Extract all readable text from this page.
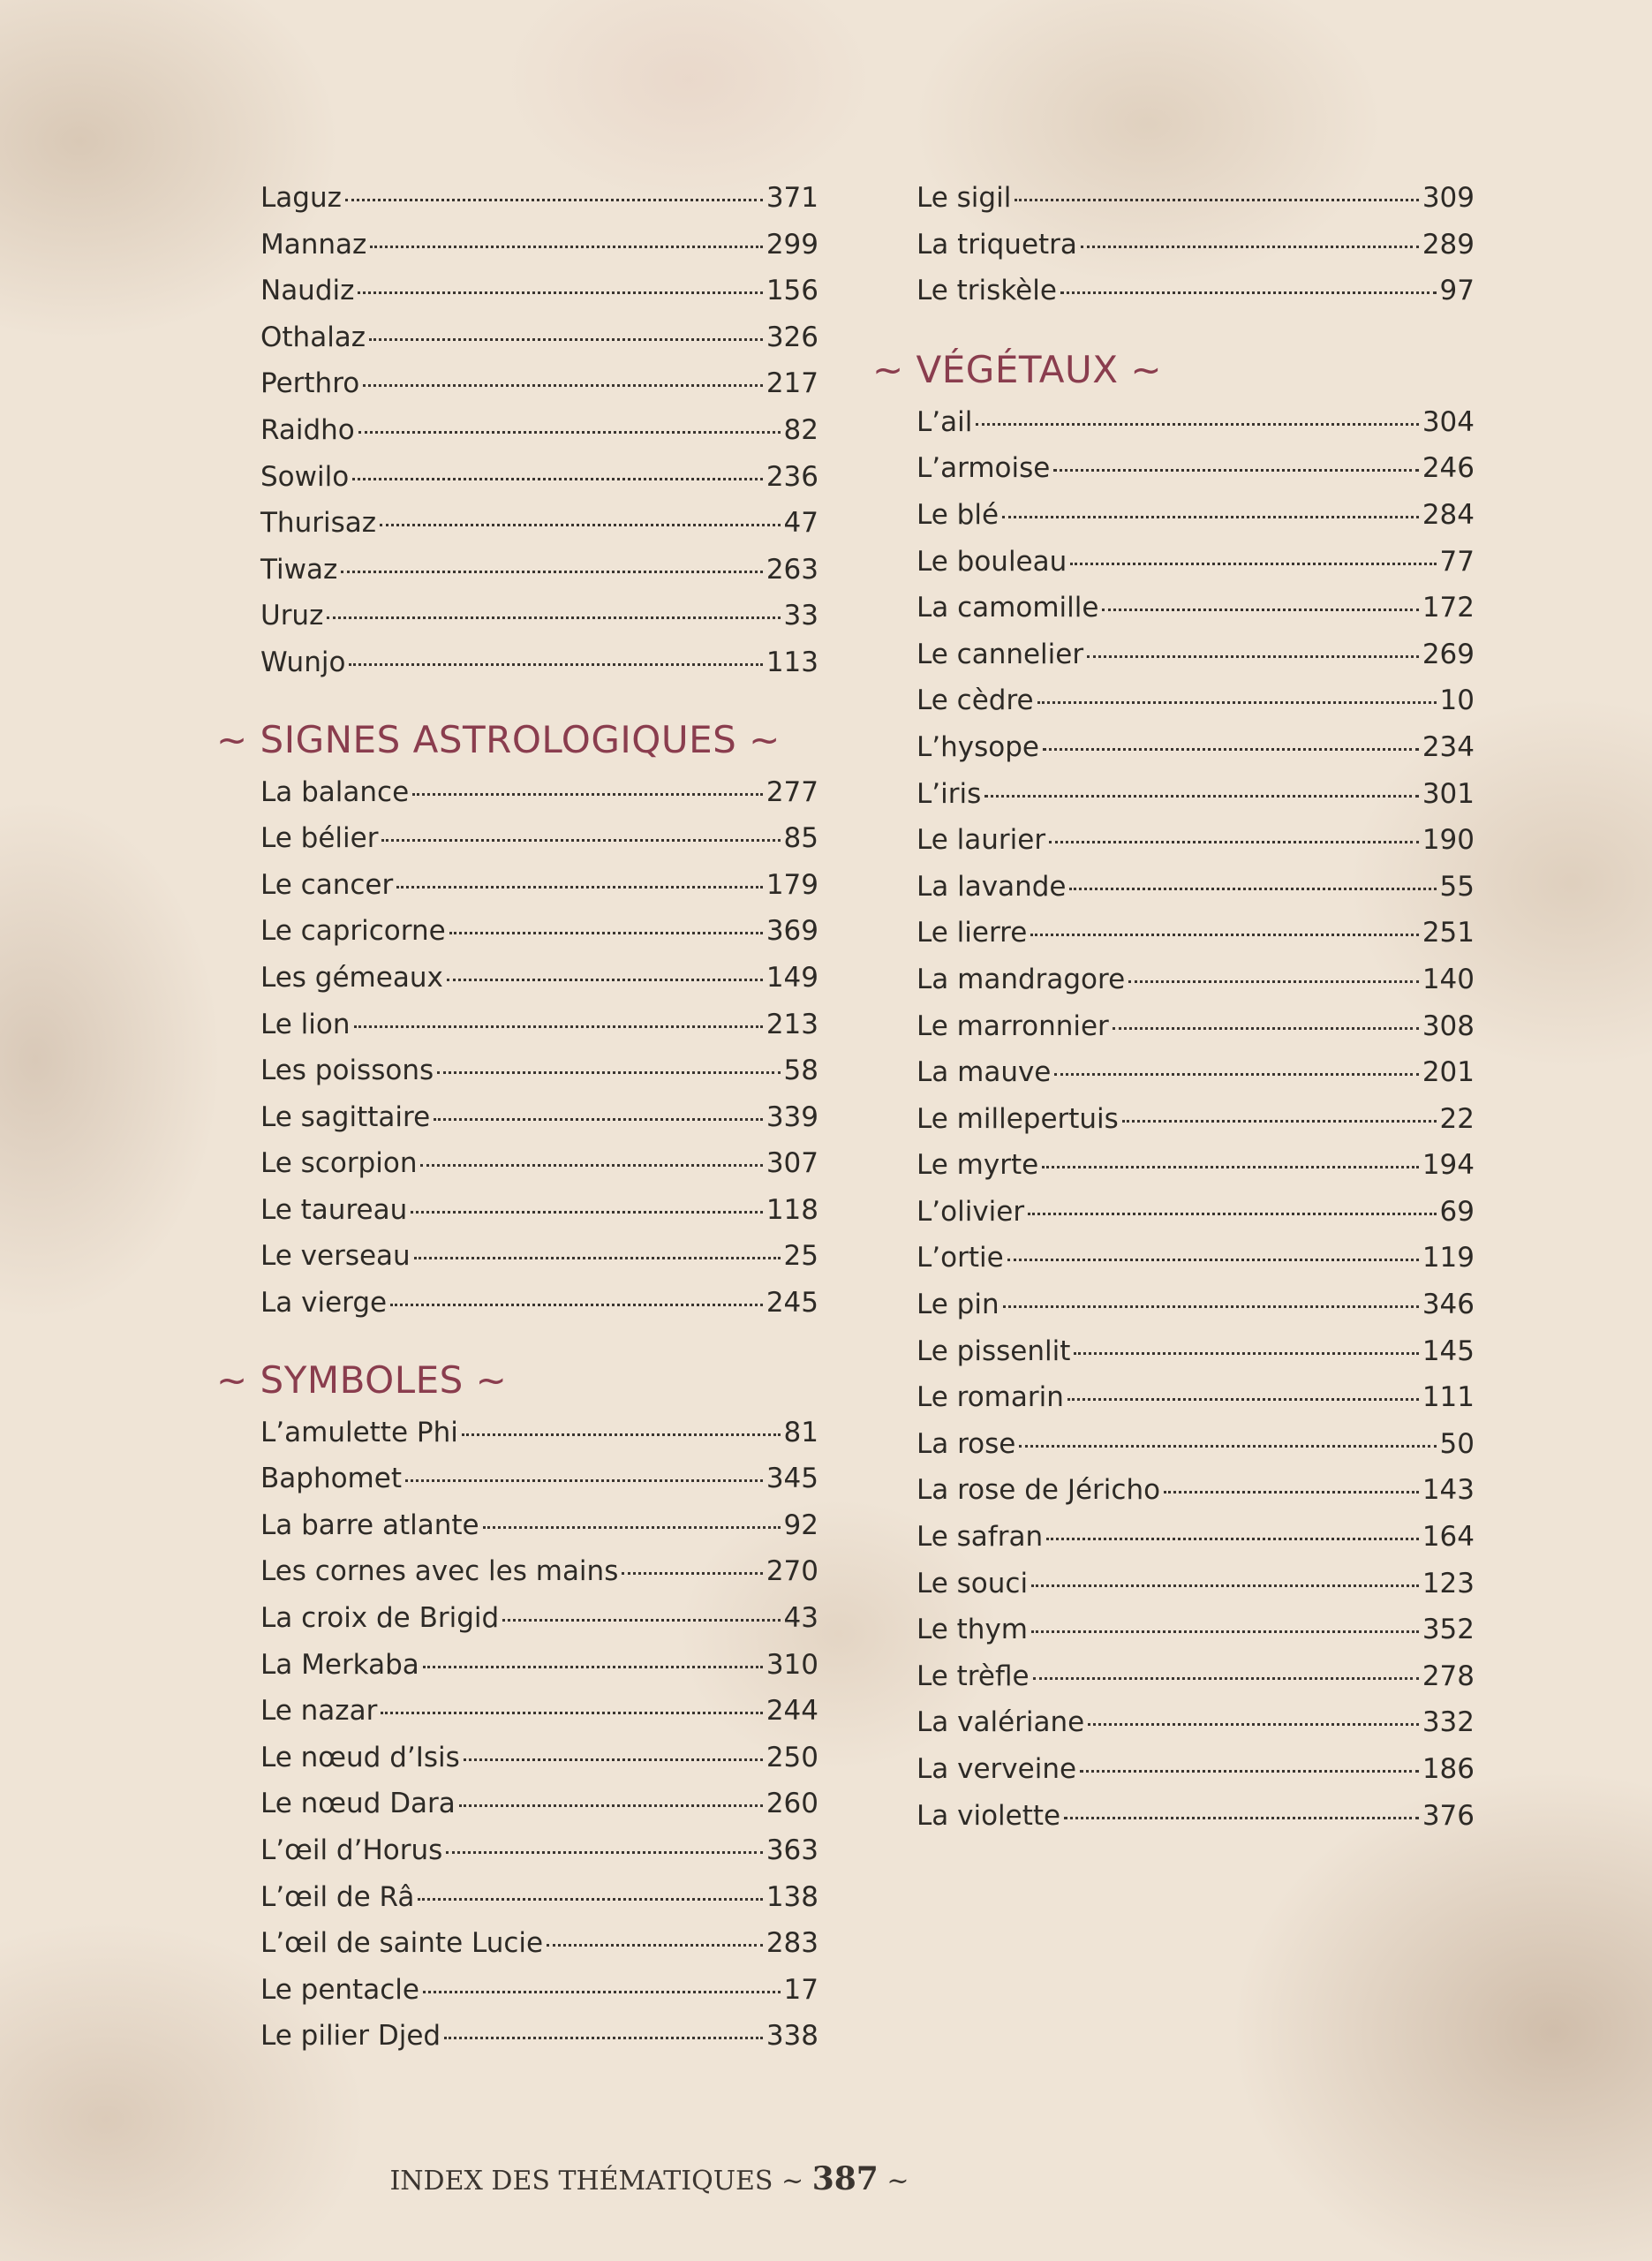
Laguz	371
Mannaz	299
Naudiz	156
Othalaz	326
Perthro	217
Raidho	82
Sowilo	236
Thurisaz	47
Tiwaz	263
Uruz	33
Wunjo	113
~ SIGNES ASTROLOGIQUES ~
La balance	277
Le bélier	85
Le cancer	179
Le capricorne	369
Les gémeaux	149
Le lion	213
Les poissons	58
Le sagittaire	339
Le scorpion	307
Le taureau	118
Le verseau	25
La vierge	245
~ SYMBOLES ~
L’amulette Phi	81
Baphomet	345
La barre atlante	92
Les cornes avec les mains	270
La croix de Brigid	43
La Merkaba	310
Le nazar	244
Le nœud d’Isis	250
Le nœud Dara	260
L’œil d’Horus	363
L’œil de Râ	138
L’œil de sainte Lucie	283
Le pentacle	17
Le pilier Djed	338
Le sigil	309
La triquetra	289
Le triskèle	97
~ VÉGÉTAUX ~
L’ail	304
L’armoise	246
Le blé	284
Le bouleau	77
La camomille	172
Le cannelier	269
Le cèdre	10
L’hysope	234
L’iris	301
Le laurier	190
La lavande	55
Le lierre	251
La mandragore	140
Le marronnier	308
La mauve	201
Le millepertuis	22
Le myrte	194
L’olivier	69
L’ortie	119
Le pin	346
Le pissenlit	145
Le romarin	111
La rose	50
La rose de Jéricho	143
Le safran	164
Le souci	123
Le thym	352
Le trèfle	278
La valériane	332
La verveine	186
La violette	376
INDEX DES THÉMATIQUES ~ 387 ~
